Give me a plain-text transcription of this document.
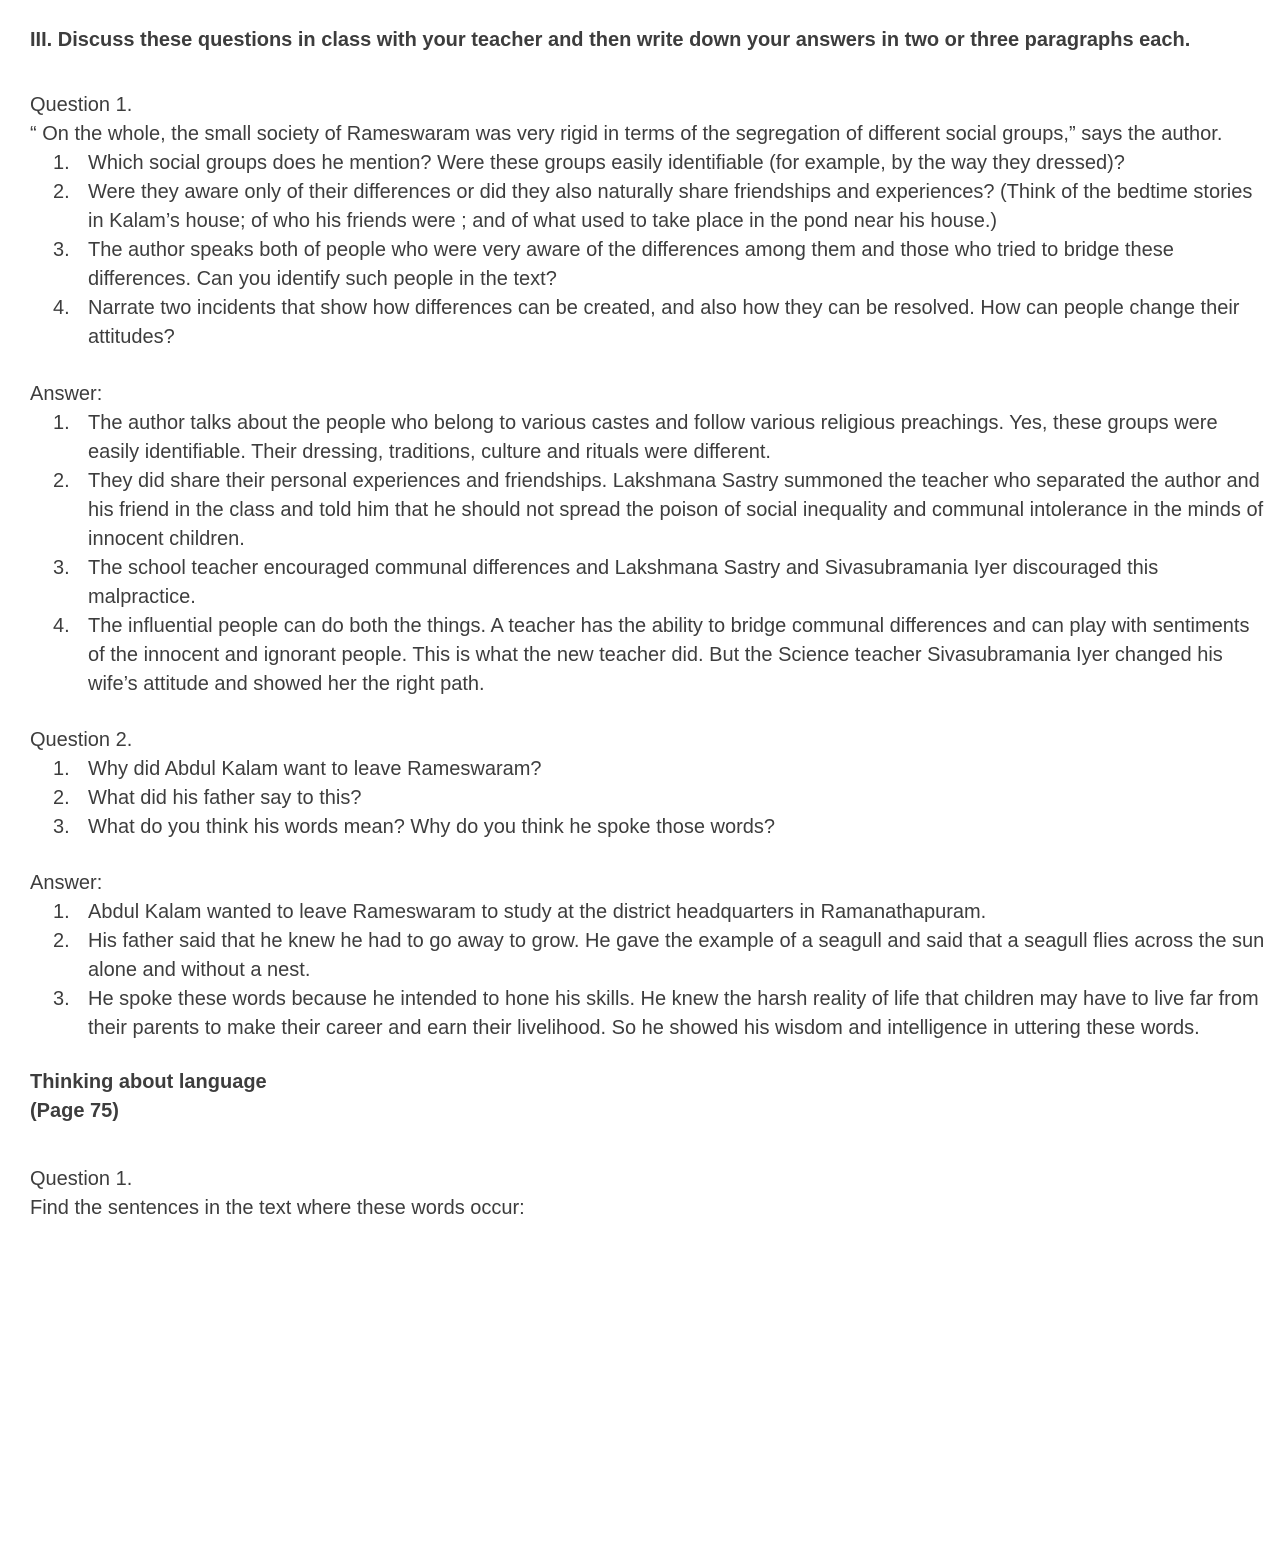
III. Discuss these questions in class with your teacher and then write down your answers in two or three paragraphs each.

Question 1.

“ On the whole, the small society of Rameswaram was very rigid in terms of the segregation of different social groups,” says the author.

1. Which social groups does he mention? Were these groups easily identifiable (for example, by the way they dressed)?
2. Were they aware only of their differences or did they also naturally share friendships and experiences? (Think of the bedtime stories in Kalam’s house; of who his friends were ; and of what used to take place in the pond near his house.)
3. The author speaks both of people who were very aware of the differences among them and those who tried to bridge these differences. Can you identify such people in the text?
4. Narrate two incidents that show how differences can be created, and also how they can be resolved. How can people change their attitudes?

Answer:

1. The author talks about the people who belong to various castes and follow various religious preachings. Yes, these groups were easily identifiable. Their dressing, traditions, culture and rituals were different.
2. They did share their personal experiences and friendships. Lakshmana Sastry summoned the teacher who separated the author and his friend in the class and told him that he should not spread the poison of social inequality and communal intolerance in the minds of innocent children.
3. The school teacher encouraged communal differences and Lakshmana Sastry and Sivasubramania Iyer discouraged this malpractice.
4. The influential people can do both the things. A teacher has the ability to bridge communal differences and can play with sentiments of the innocent and ignorant people. This is what the new teacher did. But the Science teacher Sivasubramania Iyer changed his wife’s attitude and showed her the right path.

Question 2.

1. Why did Abdul Kalam want to leave Rameswaram?
2. What did his father say to this?
3. What do you think his words mean? Why do you think he spoke those words?

Answer:

1. Abdul Kalam wanted to leave Rameswaram to study at the district headquarters in Ramanathapuram.
2. His father said that he knew he had to go away to grow. He gave the example of a seagull and said that a seagull flies across the sun alone and without a nest.
3. He spoke these words because he intended to hone his skills. He knew the harsh reality of life that children may have to live far from their parents to make their career and earn their livelihood. So he showed his wisdom and intelligence in uttering these words.

Thinking about language

(Page 75)

Question 1.

Find the sentences in the text where these words occur:
